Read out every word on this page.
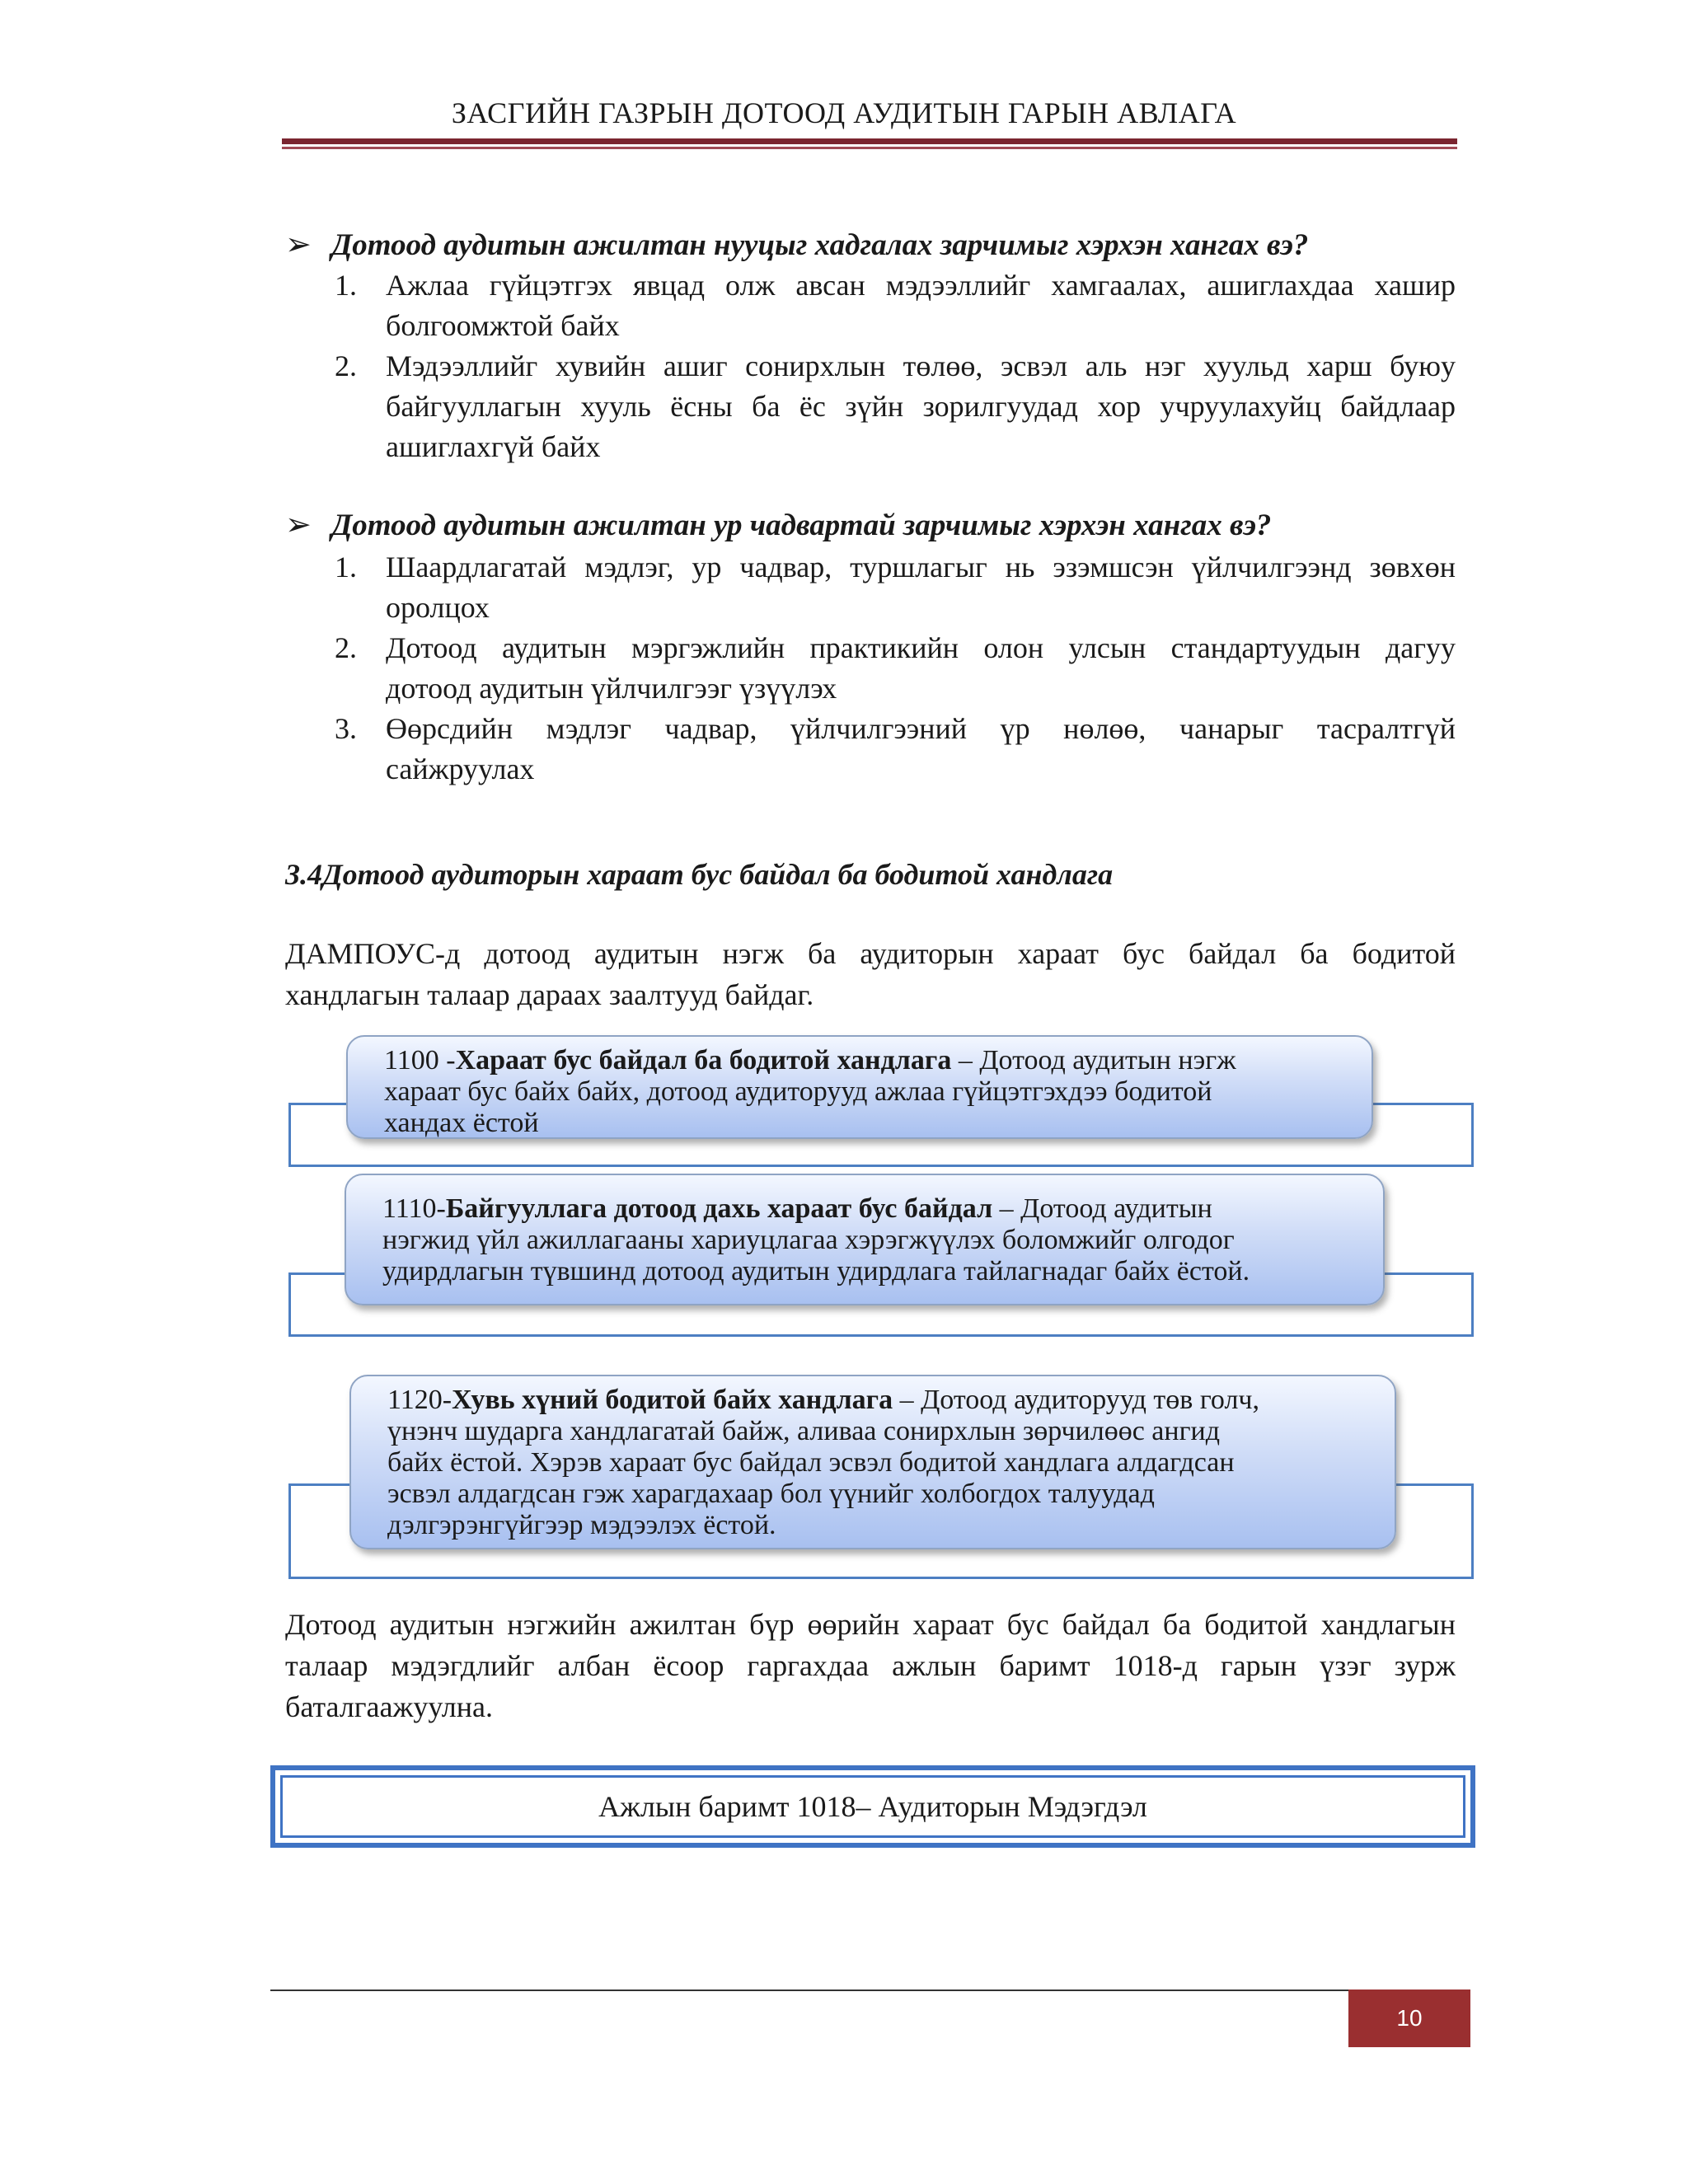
ЗАСГИЙН ГАЗРЫН ДОТООД АУДИТЫН ГАРЫН АВЛАГА
➢ Дотоод аудитын ажилтан нууцыг хадгалах зарчимыг хэрхэн хангах вэ?
1. Ажлаа гүйцэтгэх явцад олж авсан мэдээллийг хамгаалах, ашиглахдаа хашир
болгоомжтой байх
2. Мэдээллийг хувийн ашиг сонирхлын төлөө, эсвэл аль нэг хуульд харш буюу
байгууллагын хууль ёсны ба ёс зүйн зорилгуудад хор учруулахуйц байдлаар
ашиглахгүй байх
➢ Дотоод аудитын ажилтан ур чадвартай зарчимыг хэрхэн хангах вэ?
1. Шаардлагатай мэдлэг, ур чадвар, туршлагыг нь эзэмшсэн үйлчилгээнд зөвхөн
оролцох
2. Дотоод аудитын мэргэжлийн практикийн олон улсын стандартуудын дагуу
дотоод аудитын үйлчилгээг үзүүлэх
3. Өөрсдийн мэдлэг чадвар, үйлчилгээний үр нөлөө, чанарыг тасралтгүй
сайжруулах
3.4Дотоод аудиторын хараат бус байдал ба бодитой хандлага
ДАМПОУС-д дотоод аудитын нэгж ба аудиторын хараат бус байдал ба бодитой
хандлагын талаар дараах заалтууд байдаг.
1100 -Хараат бус байдал ба бодитой хандлага – Дотоод аудитын нэгж
хараат бус байх байх, дотоод аудиторууд ажлаа гүйцэтгэхдээ бодитой
хандах ёстой
1110-Байгууллага дотоод дахь хараат бус байдал – Дотоод аудитын
нэгжид үйл ажиллагааны хариуцлагаа хэрэгжүүлэх боломжийг олгодог
удирдлагын түвшинд дотоод аудитын удирдлага тайлагнадаг байх ёстой.
1120-Хувь хүний бодитой байх хандлага – Дотоод аудиторууд төв голч,
үнэнч шударга хандлагатай байж, аливаа сонирхлын зөрчилөөс ангид
байх ёстой. Хэрэв хараат бус байдал эсвэл бодитой хандлага алдагдсан
эсвэл алдагдсан гэж харагдахаар бол үүнийг холбогдох талуудад
дэлгэрэнгүйгээр мэдээлэх ёстой.
Дотоод аудитын нэгжийн ажилтан бүр өөрийн хараат бус байдал ба бодитой хандлагын
талаар мэдэгдлийг албан ёсоор гаргахдаа ажлын баримт 1018-д гарын үзэг зурж
баталгаажуулна.
Ажлын баримт 1018– Аудиторын Мэдэгдэл
10
